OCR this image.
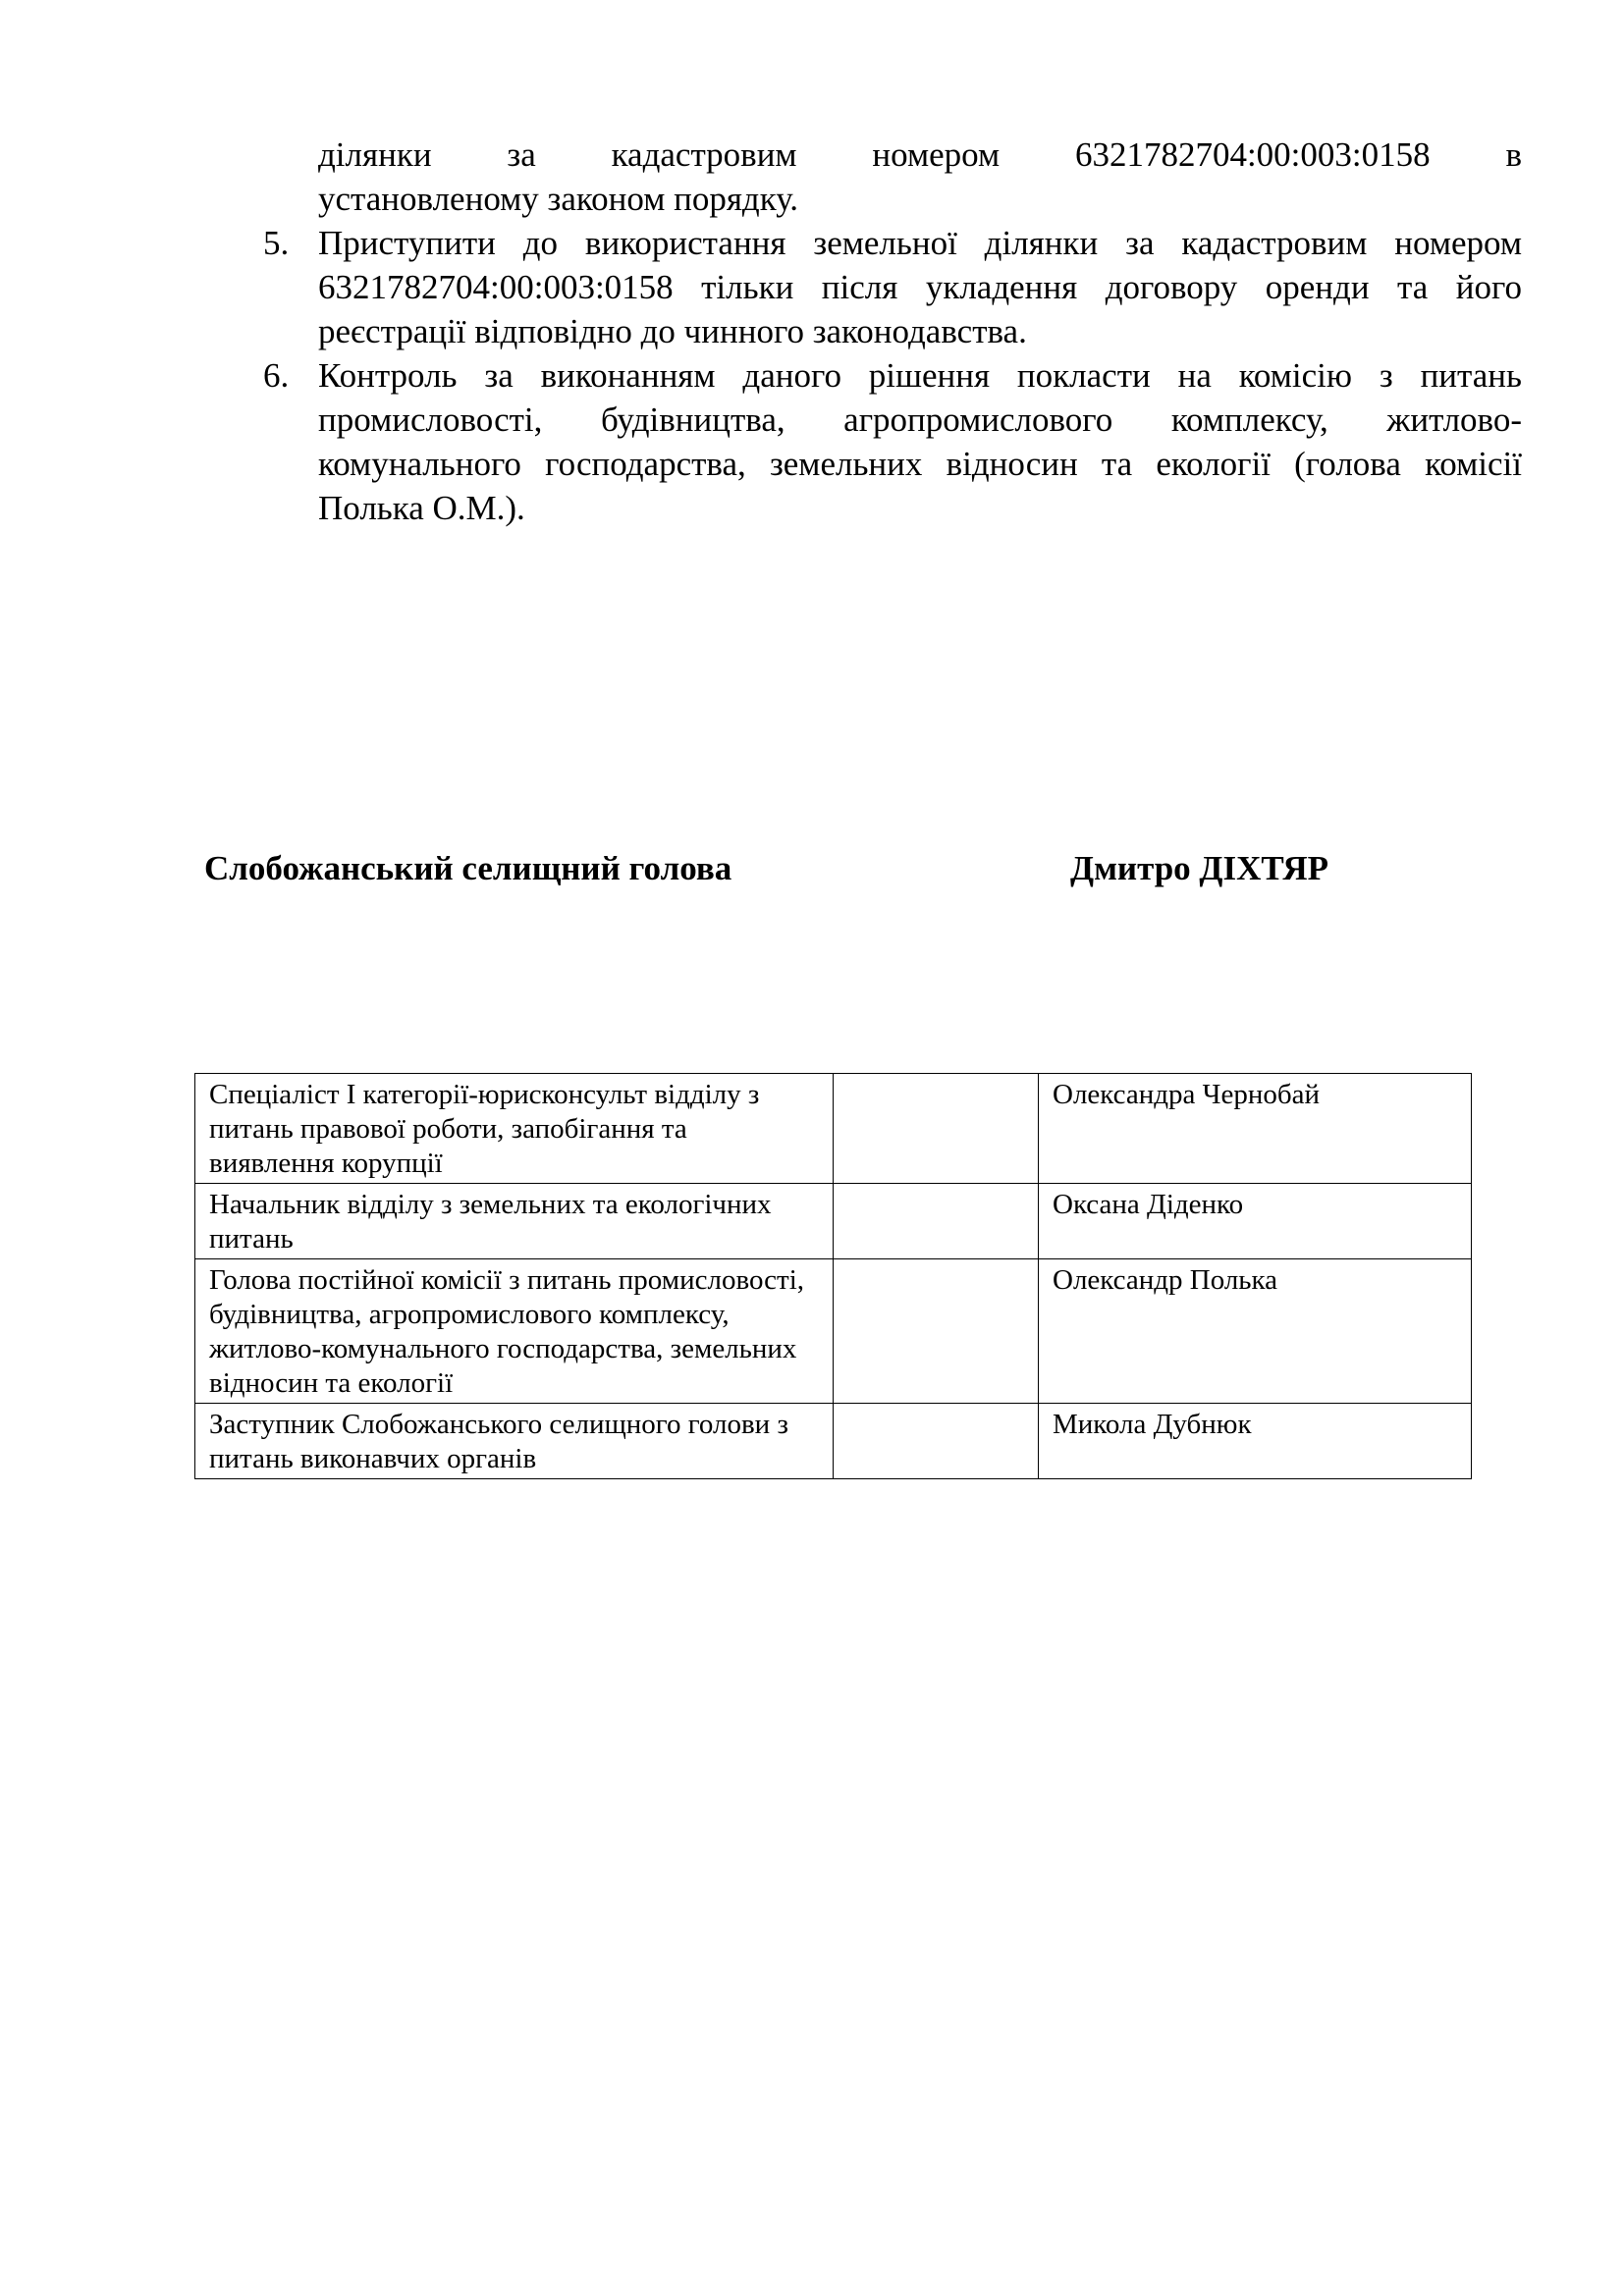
ділянки за кадастровим номером 6321782704:00:003:0158 в
установленому законом порядку.
5. Приступити до використання земельної ділянки за кадастровим номером 6321782704:00:003:0158 тільки після укладення договору оренди та його реєстрації відповідно до чинного законодавства.
6. Контроль за виконанням даного рішення покласти на комісію з питань промисловості, будівництва, агропромислового комплексу, житлово-комунального господарства, земельних відносин та екології (голова комісії Полька О.М.).
Слобожанський селищний голова	Дмитро ДІХТЯР
Спеціаліст І категорії-юрисконсульт відділу з питань правової роботи, запобігання та виявлення корупції		Олександра Чернобай
Начальник відділу з земельних та екологічних питань		Оксана Діденко
Голова постійної комісії з питань промисловості, будівництва, агропромислового комплексу, житлово-комунального господарства, земельних відносин та екології		Олександр Полька
Заступник Слобожанського селищного голови з питань виконавчих органів		Микола Дубнюк
